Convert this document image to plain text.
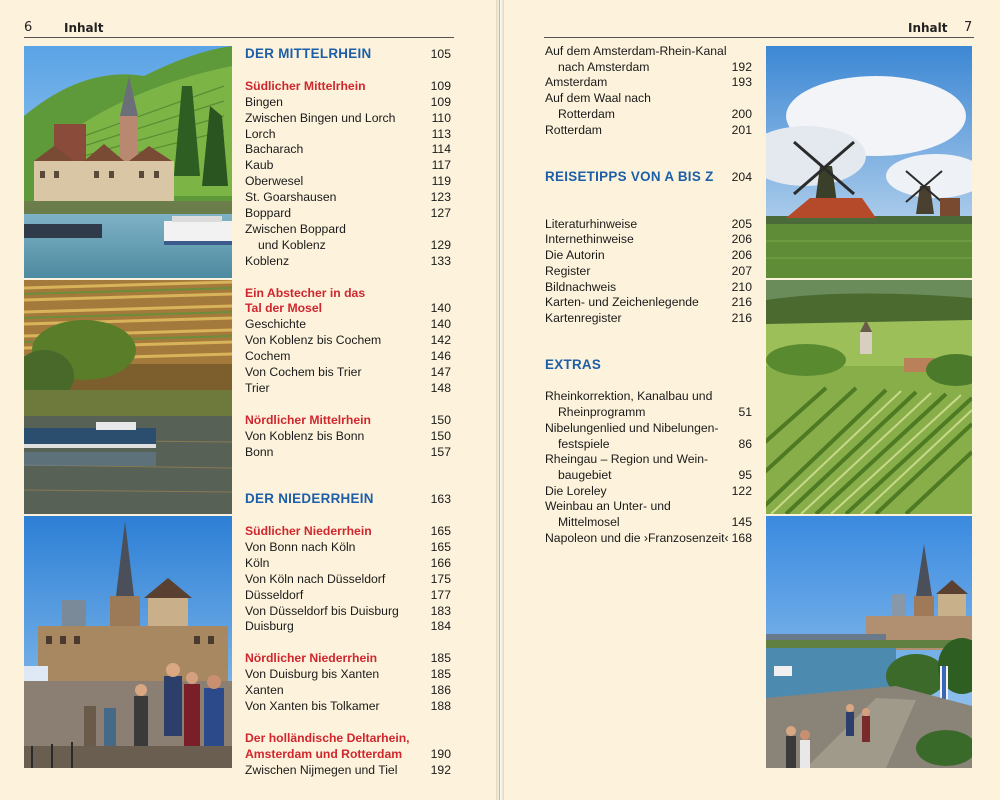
6	Inhalt	Inhalt 7
DER MITTELRHEIN	105
Südlicher Mittelrhein	109
Bingen	109
Zwischen Bingen und Lorch	110
Lorch	113
Bacharach	114
Kaub	117
Oberwesel	119
St. Goarshausen	123
Boppard	127
Zwischen Boppard
und Koblenz	129
Koblenz	133
Ein Abstecher in das
Tal der Mosel	140
Geschichte	140
Von Koblenz bis Cochem	142
Cochem	146
Von Cochem bis Trier	147
Trier	148
Nördlicher Mittelrhein	150
Von Koblenz bis Bonn	150
Bonn	157
DER NIEDERRHEIN	163
Südlicher Niederrhein	165
Von Bonn nach Köln	165
Köln	166
Von Köln nach Düsseldorf	175
Düsseldorf	177
Von Düsseldorf bis Duisburg	183
Duisburg	184
Nördlicher Niederrhein	185
Von Duisburg bis Xanten	185
Xanten	186
Von Xanten bis Tolkamer	188
Der holländische Deltarhein,
Amsterdam und Rotterdam 190
Zwischen Nijmegen und Tiel	192
Auf dem Amsterdam-Rhein-Kanal
nach Amsterdam	192
Amsterdam	193
Auf dem Waal nach
Rotterdam	200
Rotterdam	201
REISETIPPS VON A BIS Z 204
Literaturhinweise	205
Internethinweise	206
Die Autorin	206
Register	207
Bildnachweis	210
Karten- und Zeichenlegende	216
Kartenregister	216
EXTRAS
Rheinkorrektion, Kanalbau und
Rheinprogramm	51
Nibelungenlied und Nibelungen-
festspiele	86
Rheingau – Region und Wein-
baugebiet	95
Die Loreley	122
Weinbau an Unter- und
Mittelmosel	145
Napoleon und die ›Franzosenzeit‹ 168
